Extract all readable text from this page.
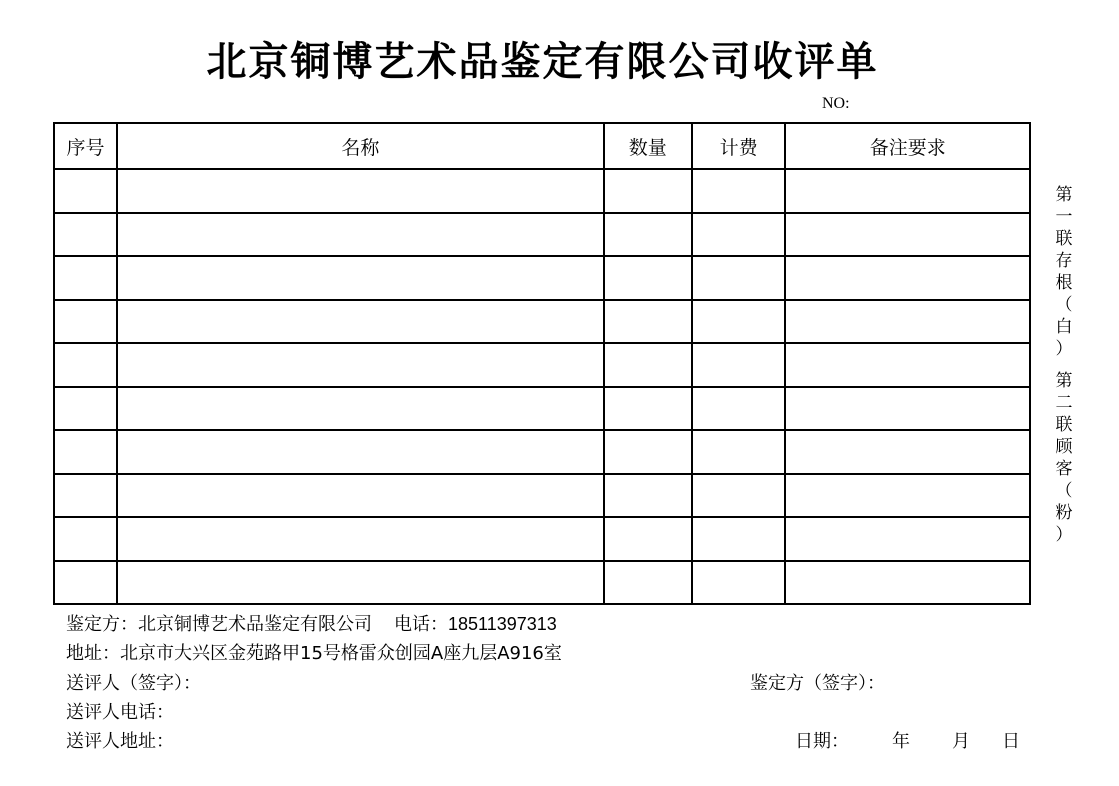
北京铜博艺术品鉴定有限公司收评单
NO:
序号	名称	数量	计费	备注要求

第
一
联
存
根
（
白
）
第
二
联
顾
客
（
粉
）
鉴定方：北京铜博艺术品鉴定有限公司 电话：18511397313
地址：北京市大兴区金苑路甲15号格雷众创园A座九层A916室
送评人（签字）：	鉴定方（签字）：
送评人电话：
送评人地址：	日期： 年 月 日
